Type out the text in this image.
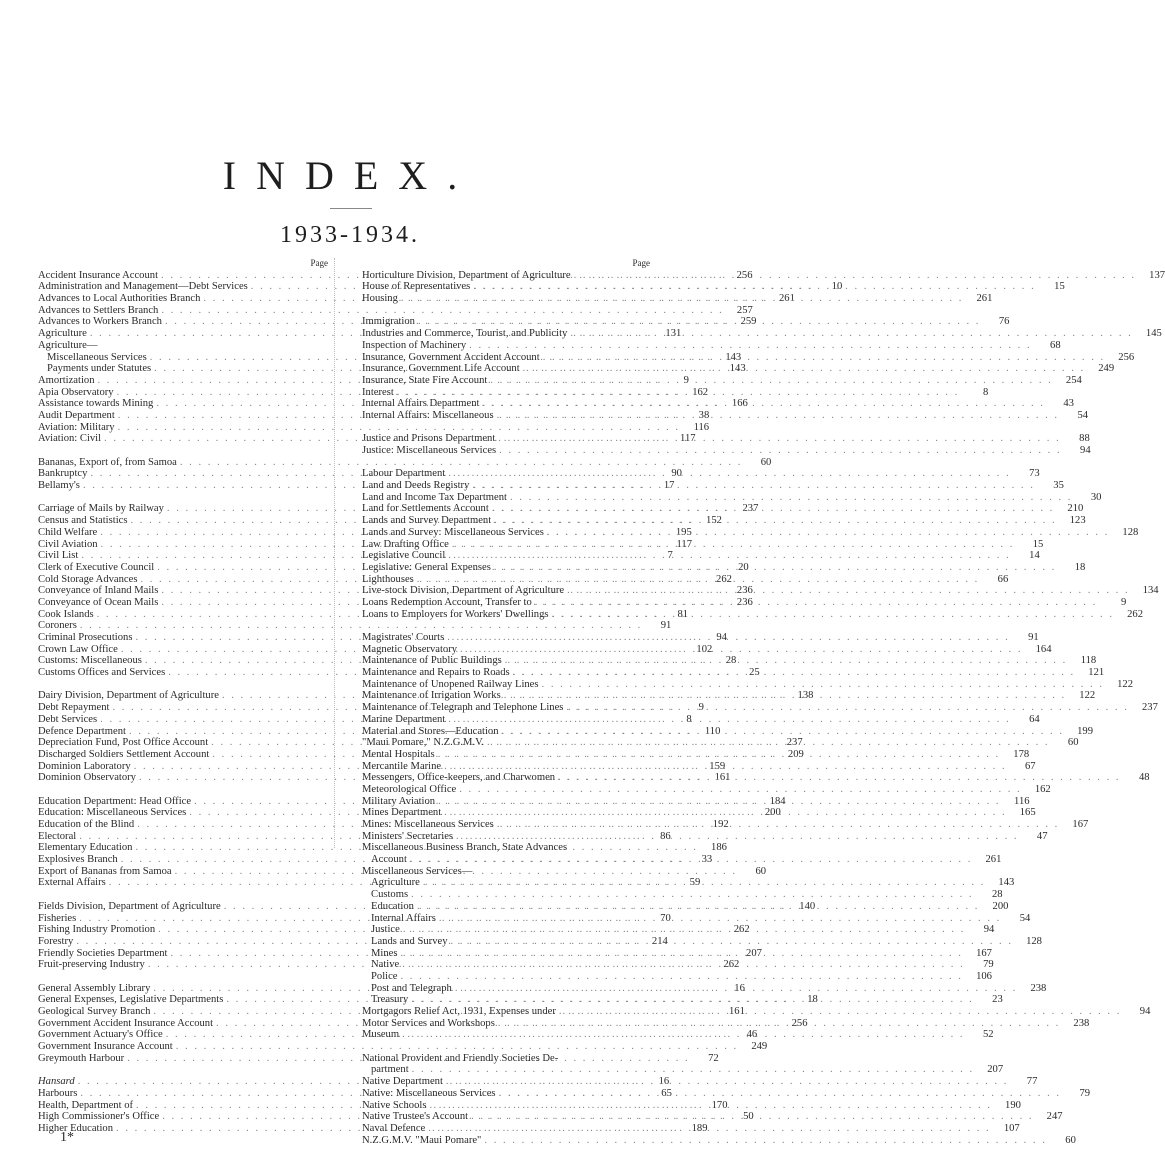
INDEX.
1933-1934.
Page
Accident Insurance Account . . .	256
Administration and Management—Debt Services . . .	10
Advances to Local Authorities Branch . . .	261
Advances to Settlers Branch . . .	257
Advances to Workers Branch . . .	259
Agriculture . . .	131
Agriculture—
Miscellaneous Services . . .	143
Payments under Statutes . . .	143
Amortization . . .	9
Apia Observatory . . .	162
Assistance towards Mining . . .	166
Audit Department . . .	38
Aviation: Military . . .	116
Aviation: Civil . . .	117
Bananas, Export of, from Samoa . . .	60
Bankruptcy . . .	90
Bellamy's . . .	17
Carriage of Mails by Railway . . .	237
Census and Statistics . . .	152
Child Welfare . . .	195
Civil Aviation . . .	117
Civil List . . .	7
Clerk of Executive Council . . .	20
Cold Storage Advances . . .	262
Conveyance of Inland Mails . . .	236
Conveyance of Ocean Mails . . .	236
Cook Islands . . .	81
Coroners . . .	91
Criminal Prosecutions . . .	94
Crown Law Office . . .	102
Customs: Miscellaneous . . .	28
Customs Offices and Services . . .	25
Dairy Division, Department of Agriculture . . .	138
Debt Repayment . . .	9
Debt Services . . .	8
Defence Department . . .	110
Depreciation Fund, Post Office Account . . .	237
Discharged Soldiers Settlement Account . . .	209
Dominion Laboratory . . .	159
Dominion Observatory . . .	161
Education Department: Head Office . . .	184
Education: Miscellaneous Services . . .	200
Education of the Blind . . .	192
Electoral . . .	86
Elementary Education . . .	186
Explosives Branch . . .	33
Export of Bananas from Samoa . . .	60
External Affairs . . .	59
Fields Division, Department of Agriculture . . .	140
Fisheries . . .	70
Fishing Industry Promotion . . .	262
Forestry . . .	214
Friendly Societies Department . . .	207
Fruit-preserving Industry . . .	262
General Assembly Library . . .	16
General Expenses, Legislative Departments . . .	18
Geological Survey Branch . . .	161
Government Accident Insurance Account . . .	256
Government Actuary's Office . . .	46
Government Insurance Account . . .	249
Greymouth Harbour . . .	72
Hansard . . .	16
Harbours . . .	65
Health, Department of . . .	170
High Commissioner's Office . . .	50
Higher Education . . .	189
Page
Horticulture Division, Department of Agriculture . . .	137
House of Representatives . . .	15
Housing . . .	261
Immigration . . .	76
Industries and Commerce, Tourist, and Publicity . . .	145
Inspection of Machinery . . .	68
Insurance, Government Accident Account . . .	256
Insurance, Government Life Account . . .	249
Insurance, State Fire Account . . .	254
Interest . . .	8
Internal Affairs Department . . .	43
Internal Affairs: Miscellaneous . . .	54
Justice and Prisons Department . . .	88
Justice: Miscellaneous Services . . .	94
Labour Department . . .	73
Land and Deeds Registry . . .	35
Land and Income Tax Department . . .	30
Land for Settlements Account . . .	210
Lands and Survey Department . . .	123
Lands and Survey: Miscellaneous Services . . .	128
Law Drafting Office . . .	15
Legislative Council . . .	14
Legislative: General Expenses . . .	18
Lighthouses . . .	66
Live-stock Division, Department of Agriculture . . .	134
Loans Redemption Account, Transfer to . . .	9
Loans to Employers for Workers' Dwellings . . .	262
Magistrates' Courts . . .	91
Magnetic Observatory . . .	164
Maintenance of Public Buildings . . .	118
Maintenance and Repairs to Roads . . .	121
Maintenance of Unopened Railway Lines . . .	122
Maintenance of Irrigation Works . . .	122
Maintenance of Telegraph and Telephone Lines . . .	237
Marine Department . . .	64
Material and Stores—Education . . .	199
"Maui Pomare," N.Z.G.M.V. . . .	60
Mental Hospitals . . .	178
Mercantile Marine . . .	67
Messengers, Office-keepers, and Charwomen . . .	48
Meteorological Office . . .	162
Military Aviation . . .	116
Mines Department . . .	165
Mines: Miscellaneous Services . . .	167
Ministers' Secretaries . . .	47
Miscellaneous Business Branch, State Advances
Account . . .	261
Miscellaneous Services—
Agriculture . . .	143
Customs . . .	28
Education . . .	200
Internal Affairs . . .	54
Justice . . .	94
Lands and Survey . . .	128
Mines . . .	167
Native . . .	79
Police . . .	106
Post and Telegraph . . .	238
Treasury . . .	23
Mortgagors Relief Act, 1931, Expenses under . . .	94
Motor Services and Workshops . . .	238
Museum . . .	52
National Provident and Friendly Societies De-
partment . . .	207
Native Department . . .	77
Native: Miscellaneous Services . . .	79
Native Schools . . .	190
Native Trustee's Account . . .	247
Naval Defence . . .	107
N.Z.G.M.V. "Maui Pomare" . . .	60
1*
